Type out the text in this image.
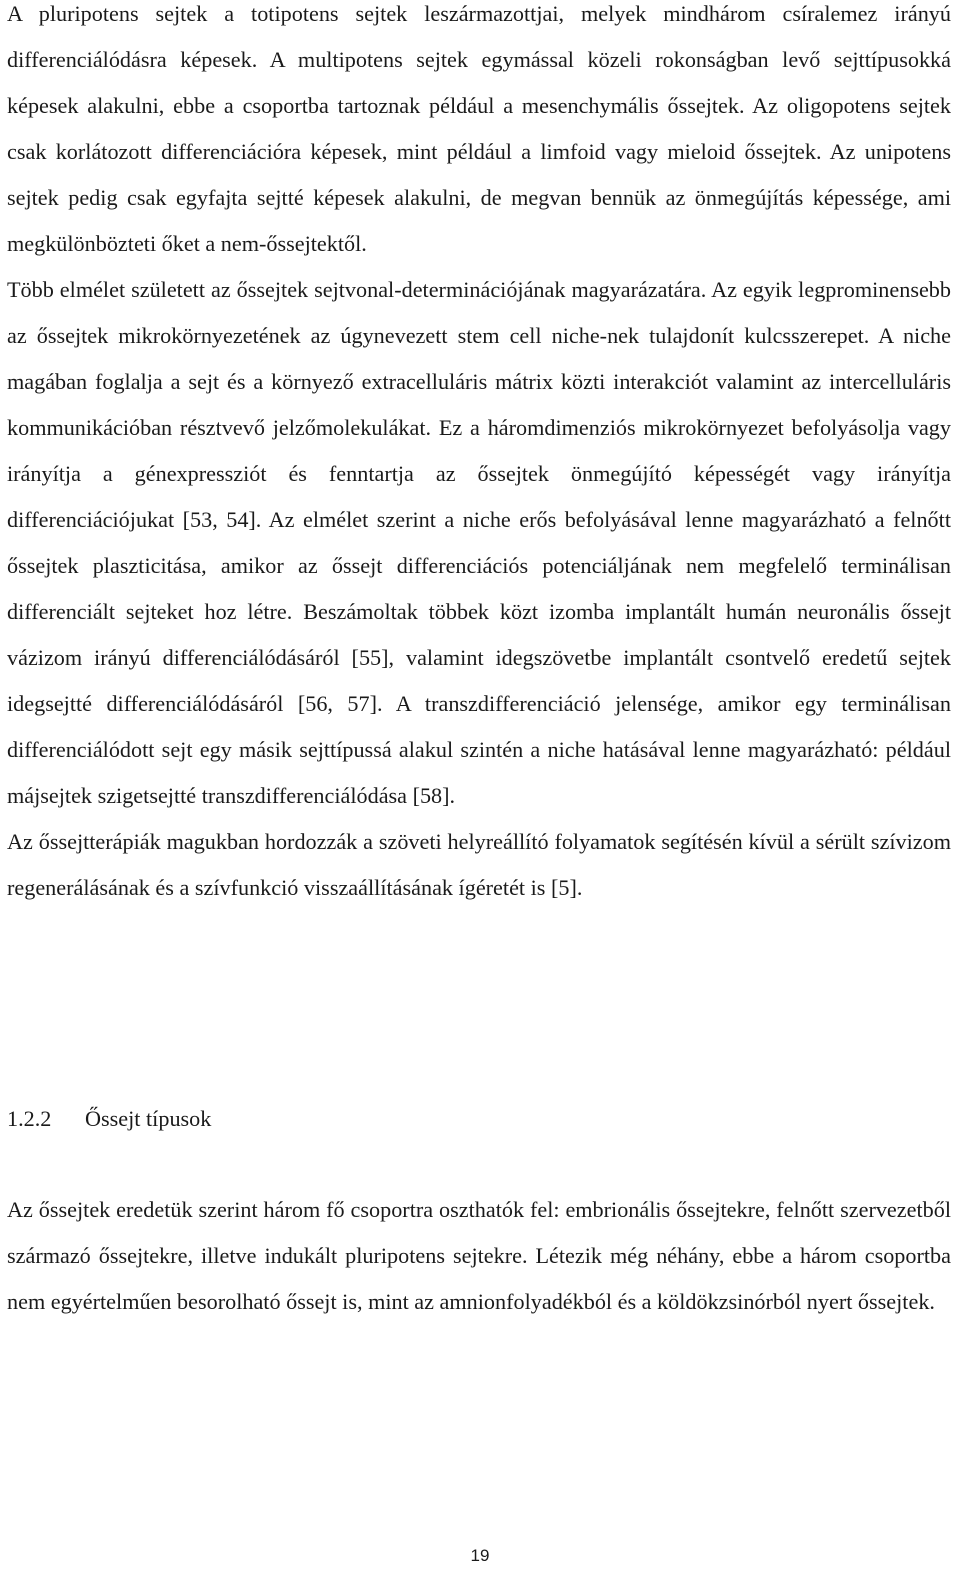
A pluripotens sejtek a totipotens sejtek leszármazottjai, melyek mindhárom csíralemez irányú differenciálódásra képesek. A multipotens sejtek egymással közeli rokonságban levő sejttípusokká képesek alakulni, ebbe a csoportba tartoznak például a mesenchymális őssejtek. Az oligopotens sejtek csak korlátozott differenciációra képesek, mint például a limfoid vagy mieloid őssejtek. Az unipotens sejtek pedig csak egyfajta sejtté képesek alakulni, de megvan bennük az önmegújítás képessége, ami megkülönbözteti őket a nem-őssejtektől.

Több elmélet született az őssejtek sejtvonal-determinációjának magyarázatára. Az egyik legprominensebb az őssejtek mikrokörnyezetének az úgynevezett stem cell niche-nek tulajdonít kulcsszerepet. A niche magában foglalja a sejt és a környező extracelluláris mátrix közti interakciót valamint az intercelluláris kommunikációban résztvevő jelzőmolekulákat. Ez a háromdimenziós mikrokörnyezet befolyásolja vagy irányítja a génexpressziót és fenntartja az őssejtek önmegújító képességét vagy irányítja differenciációjukat [53, 54]. Az elmélet szerint a niche erős befolyásával lenne magyarázható a felnőtt őssejtek plaszticitása, amikor az őssejt differenciációs potenciáljának nem megfelelő terminálisan differenciált sejteket hoz létre. Beszámoltak többek közt izomba implantált humán neuronális őssejt vázizom irányú differenciálódásáról [55], valamint idegszövetbe implantált csontvelő eredetű sejtek idegsejtté differenciálódásáról [56, 57]. A transzdifferenciáció jelensége, amikor egy terminálisan differenciálódott sejt egy másik sejttípussá alakul szintén a niche hatásával lenne magyarázható: például májsejtek szigetsejtté transzdifferenciálódása [58].

Az őssejtterápiák magukban hordozzák a szöveti helyreállító folyamatok segítésén kívül a sérült szívizom regenerálásának és a szívfunkció visszaállításának ígéretét is [5].

1.2.2 Őssejt típusok

Az őssejtek eredetük szerint három fő csoportra oszthatók fel: embrionális őssejtekre, felnőtt szervezetből származó őssejtekre, illetve indukált pluripotens sejtekre. Létezik még néhány, ebbe a három csoportba nem egyértelműen besorolható őssejt is, mint az amnionfolyadékból és a köldökzsinórból nyert őssejtek.

19
